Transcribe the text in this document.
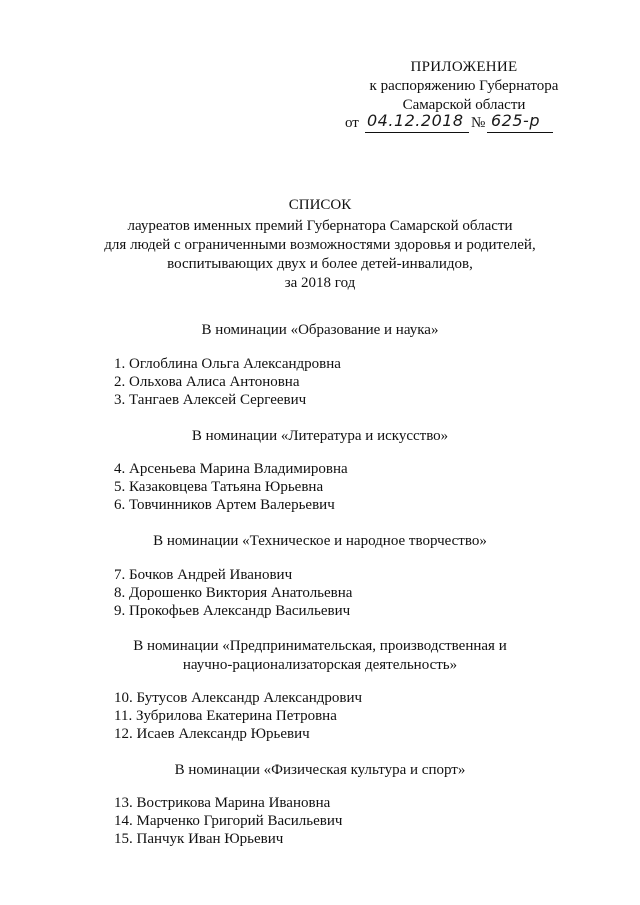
ПРИЛОЖЕНИЕ
к распоряжению Губернатора
Самарской области
от 04.12.2018 № 625-р
СПИСОК
лауреатов именных премий Губернатора Самарской области
для людей с ограниченными возможностями здоровья и родителей,
воспитывающих двух и более детей-инвалидов,
за 2018 год
В номинации «Образование и наука»
1. Оглоблина Ольга Александровна
2. Ольхова Алиса Антоновна
3. Тангаев Алексей Сергеевич
В номинации «Литература и искусство»
4. Арсеньева Марина Владимировна
5. Казаковцева Татьяна Юрьевна
6. Товчинников Артем Валерьевич
В номинации «Техническое и народное творчество»
7. Бочков Андрей Иванович
8. Дорошенко Виктория Анатольевна
9. Прокофьев Александр Васильевич
В номинации «Предпринимательская, производственная и
научно-рационализаторская деятельность»
10. Бутусов Александр Александрович
11. Зубрилова Екатерина Петровна
12. Исаев Александр Юрьевич
В номинации «Физическая культура и спорт»
13. Вострикова Марина Ивановна
14. Марченко Григорий Васильевич
15. Панчук Иван Юрьевич
